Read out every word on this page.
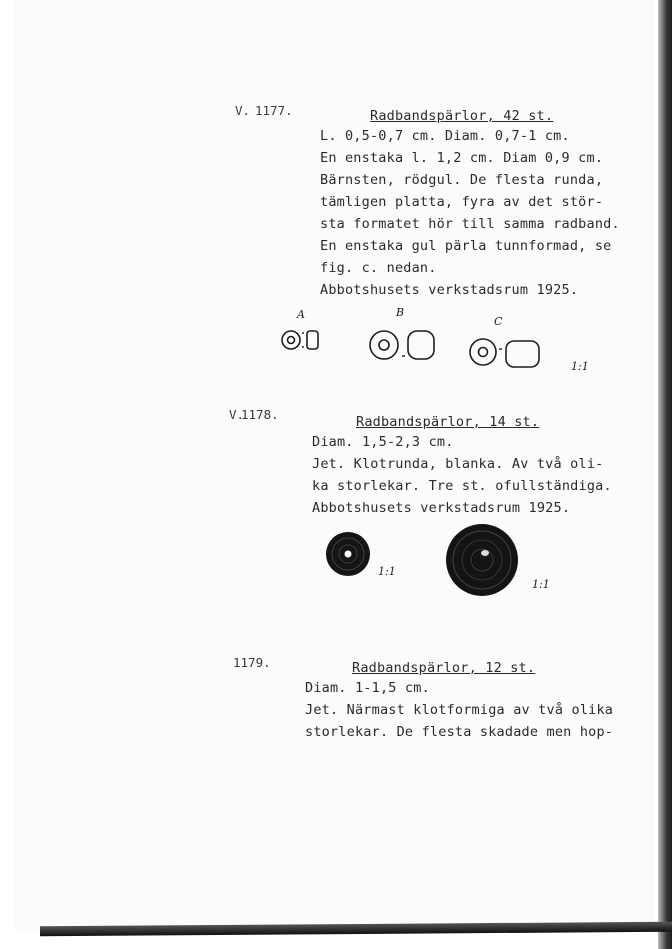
V. 1177.	Radbandspärlor, 42 st.
L. 0,5-0,7 cm. Diam. 0,7-1 cm.
En enstaka l. 1,2 cm. Diam 0,9 cm.
Bärnsten, rödgul. De flesta runda,
tämligen platta, fyra av det stör-
sta formatet hör till samma radband.
En enstaka gul pärla tunnformad, se
fig. c. nedan.
Abbotshusets verkstadsrum 1925.
A	B
C
1:1
V.
1178.	Radbandspärlor, 14 st.
Diam. 1,5-2,3 cm.
Jet. Klotrunda, blanka. Av två oli-
ka storlekar. Tre st. ofullständiga.
Abbotshusets verkstadsrum 1925.
1:1
1:1
1179.	Radbandspärlor, 12 st.
Diam. 1-1,5 cm.
Jet. Närmast klotformiga av två olika
storlekar. De flesta skadade men hop-
